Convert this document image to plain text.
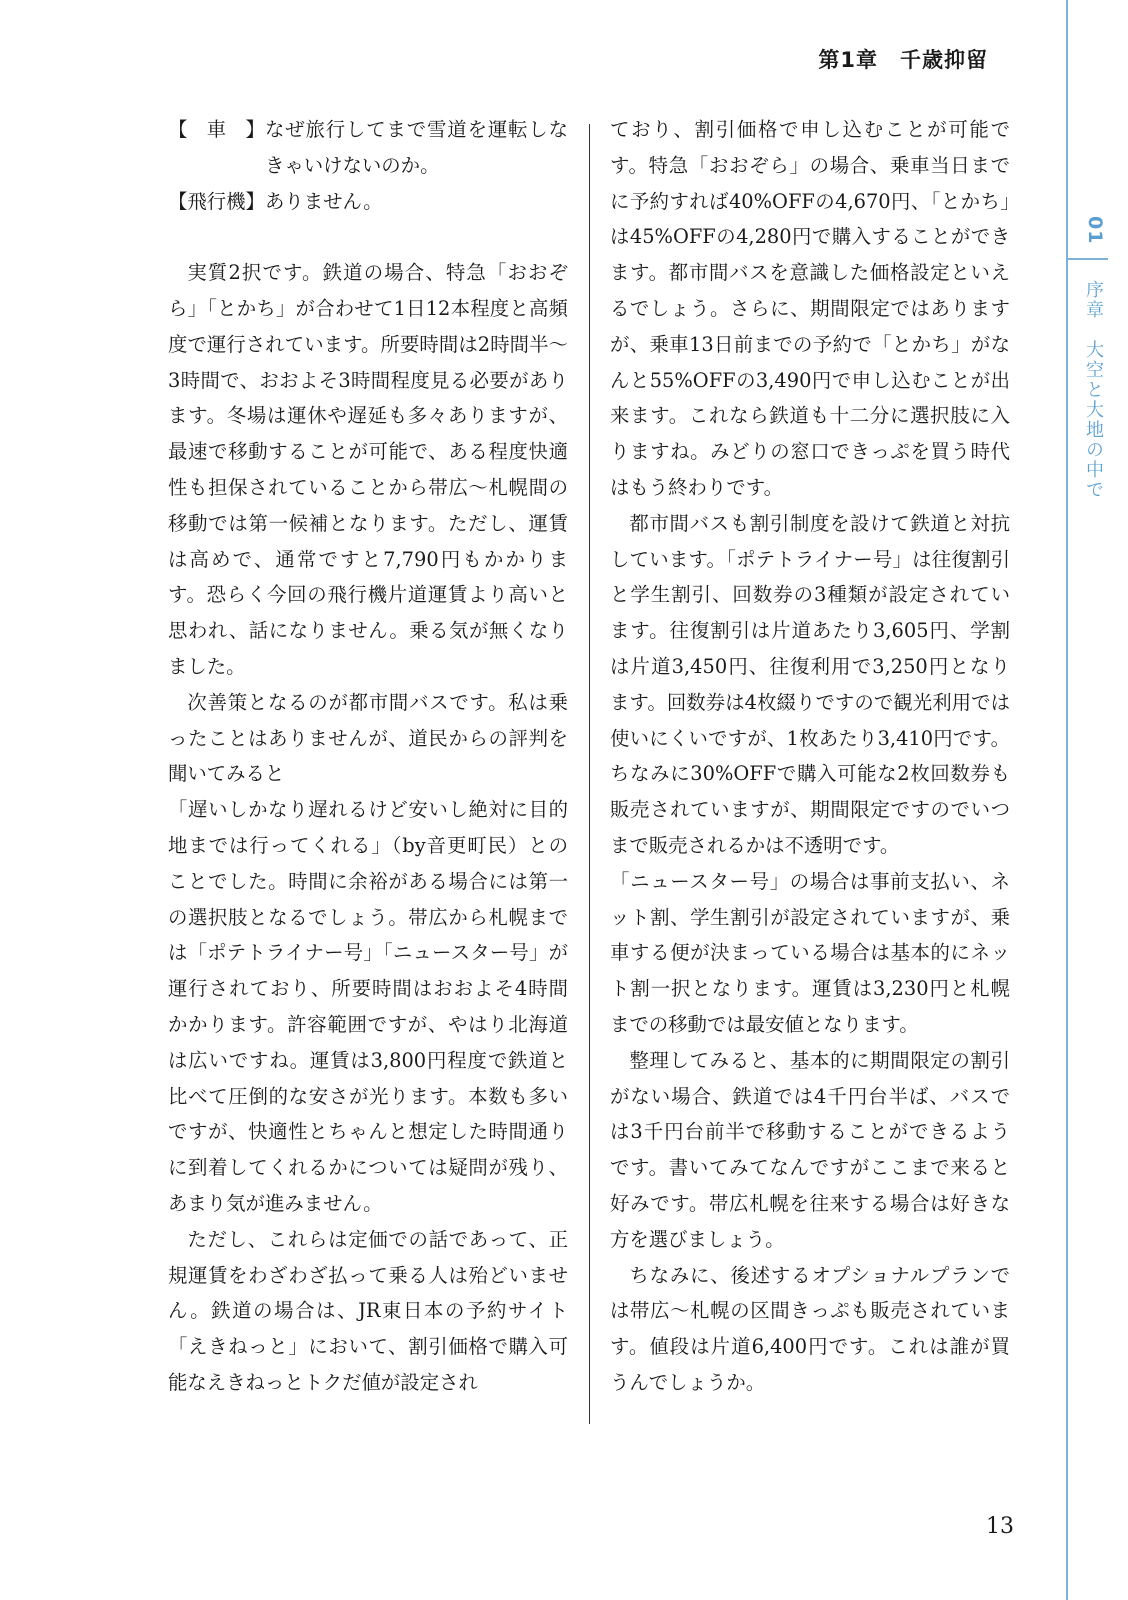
第1章 千歳抑留
01
序章　大空と大地の中で
【　車　】 なぜ旅行してまで雪道を運転しなきゃいけないのか。
【飛行機】 ありません。

実質2択です。鉄道の場合、特急「おおぞら」「とかち」が合わせて1日12本程度と高頻度で運行されています。所要時間は2時間半～3時間で、おおよそ3時間程度見る必要があります。冬場は運休や遅延も多々ありますが、最速で移動することが可能で、ある程度快適性も担保されていることから帯広～札幌間の移動では第一候補となります。ただし、運賃は高めで、通常ですと7,790円もかかります。恐らく今回の飛行機片道運賃より高いと思われ、話になりません。乗る気が無くなりました。

次善策となるのが都市間バスです。私は乗ったことはありませんが、道民からの評判を聞いてみると

「遅いしかなり遅れるけど安いし絶対に目的地までは行ってくれる」（by音更町民）とのことでした。時間に余裕がある場合には第一の選択肢となるでしょう。帯広から札幌までは「ポテトライナー号」「ニュースター号」が運行されており、所要時間はおおよそ4時間かかります。許容範囲ですが、やはり北海道は広いですね。運賃は3,800円程度で鉄道と比べて圧倒的な安さが光ります。本数も多いですが、快適性とちゃんと想定した時間通りに到着してくれるかについては疑問が残り、あまり気が進みません。

ただし、これらは定価での話であって、正規運賃をわざわざ払って乗る人は殆どいません。鉄道の場合は、JR東日本の予約サイト「えきねっと」において、割引価格で購入可能なえきねっとトクだ値が設定され

ており、割引価格で申し込むことが可能です。特急「おおぞら」の場合、乗車当日までに予約すれば40%OFFの4,670円、「とかち」は45%OFFの4,280円で購入することができます。都市間バスを意識した価格設定といえるでしょう。さらに、期間限定ではありますが、乗車13日前までの予約で「とかち」がなんと55%OFFの3,490円で申し込むことが出来ます。これなら鉄道も十二分に選択肢に入りますね。みどりの窓口できっぷを買う時代はもう終わりです。

都市間バスも割引制度を設けて鉄道と対抗しています。「ポテトライナー号」は往復割引と学生割引、回数券の3種類が設定されています。往復割引は片道あたり3,605円、学割は片道3,450円、往復利用で3,250円となります。回数券は4枚綴りですので観光利用では使いにくいですが、1枚あたり3,410円です。ちなみに30%OFFで購入可能な2枚回数券も販売されていますが、期間限定ですのでいつまで販売されるかは不透明です。

「ニュースター号」の場合は事前支払い、ネット割、学生割引が設定されていますが、乗車する便が決まっている場合は基本的にネット割一択となります。運賃は3,230円と札幌までの移動では最安値となります。

整理してみると、基本的に期間限定の割引がない場合、鉄道では4千円台半ば、バスでは3千円台前半で移動することができるようです。書いてみてなんですがここまで来ると好みです。帯広札幌を往来する場合は好きな方を選びましょう。

ちなみに、後述するオプショナルプランでは帯広～札幌の区間きっぷも販売されています。値段は片道6,400円です。これは誰が買うんでしょうか。

13
